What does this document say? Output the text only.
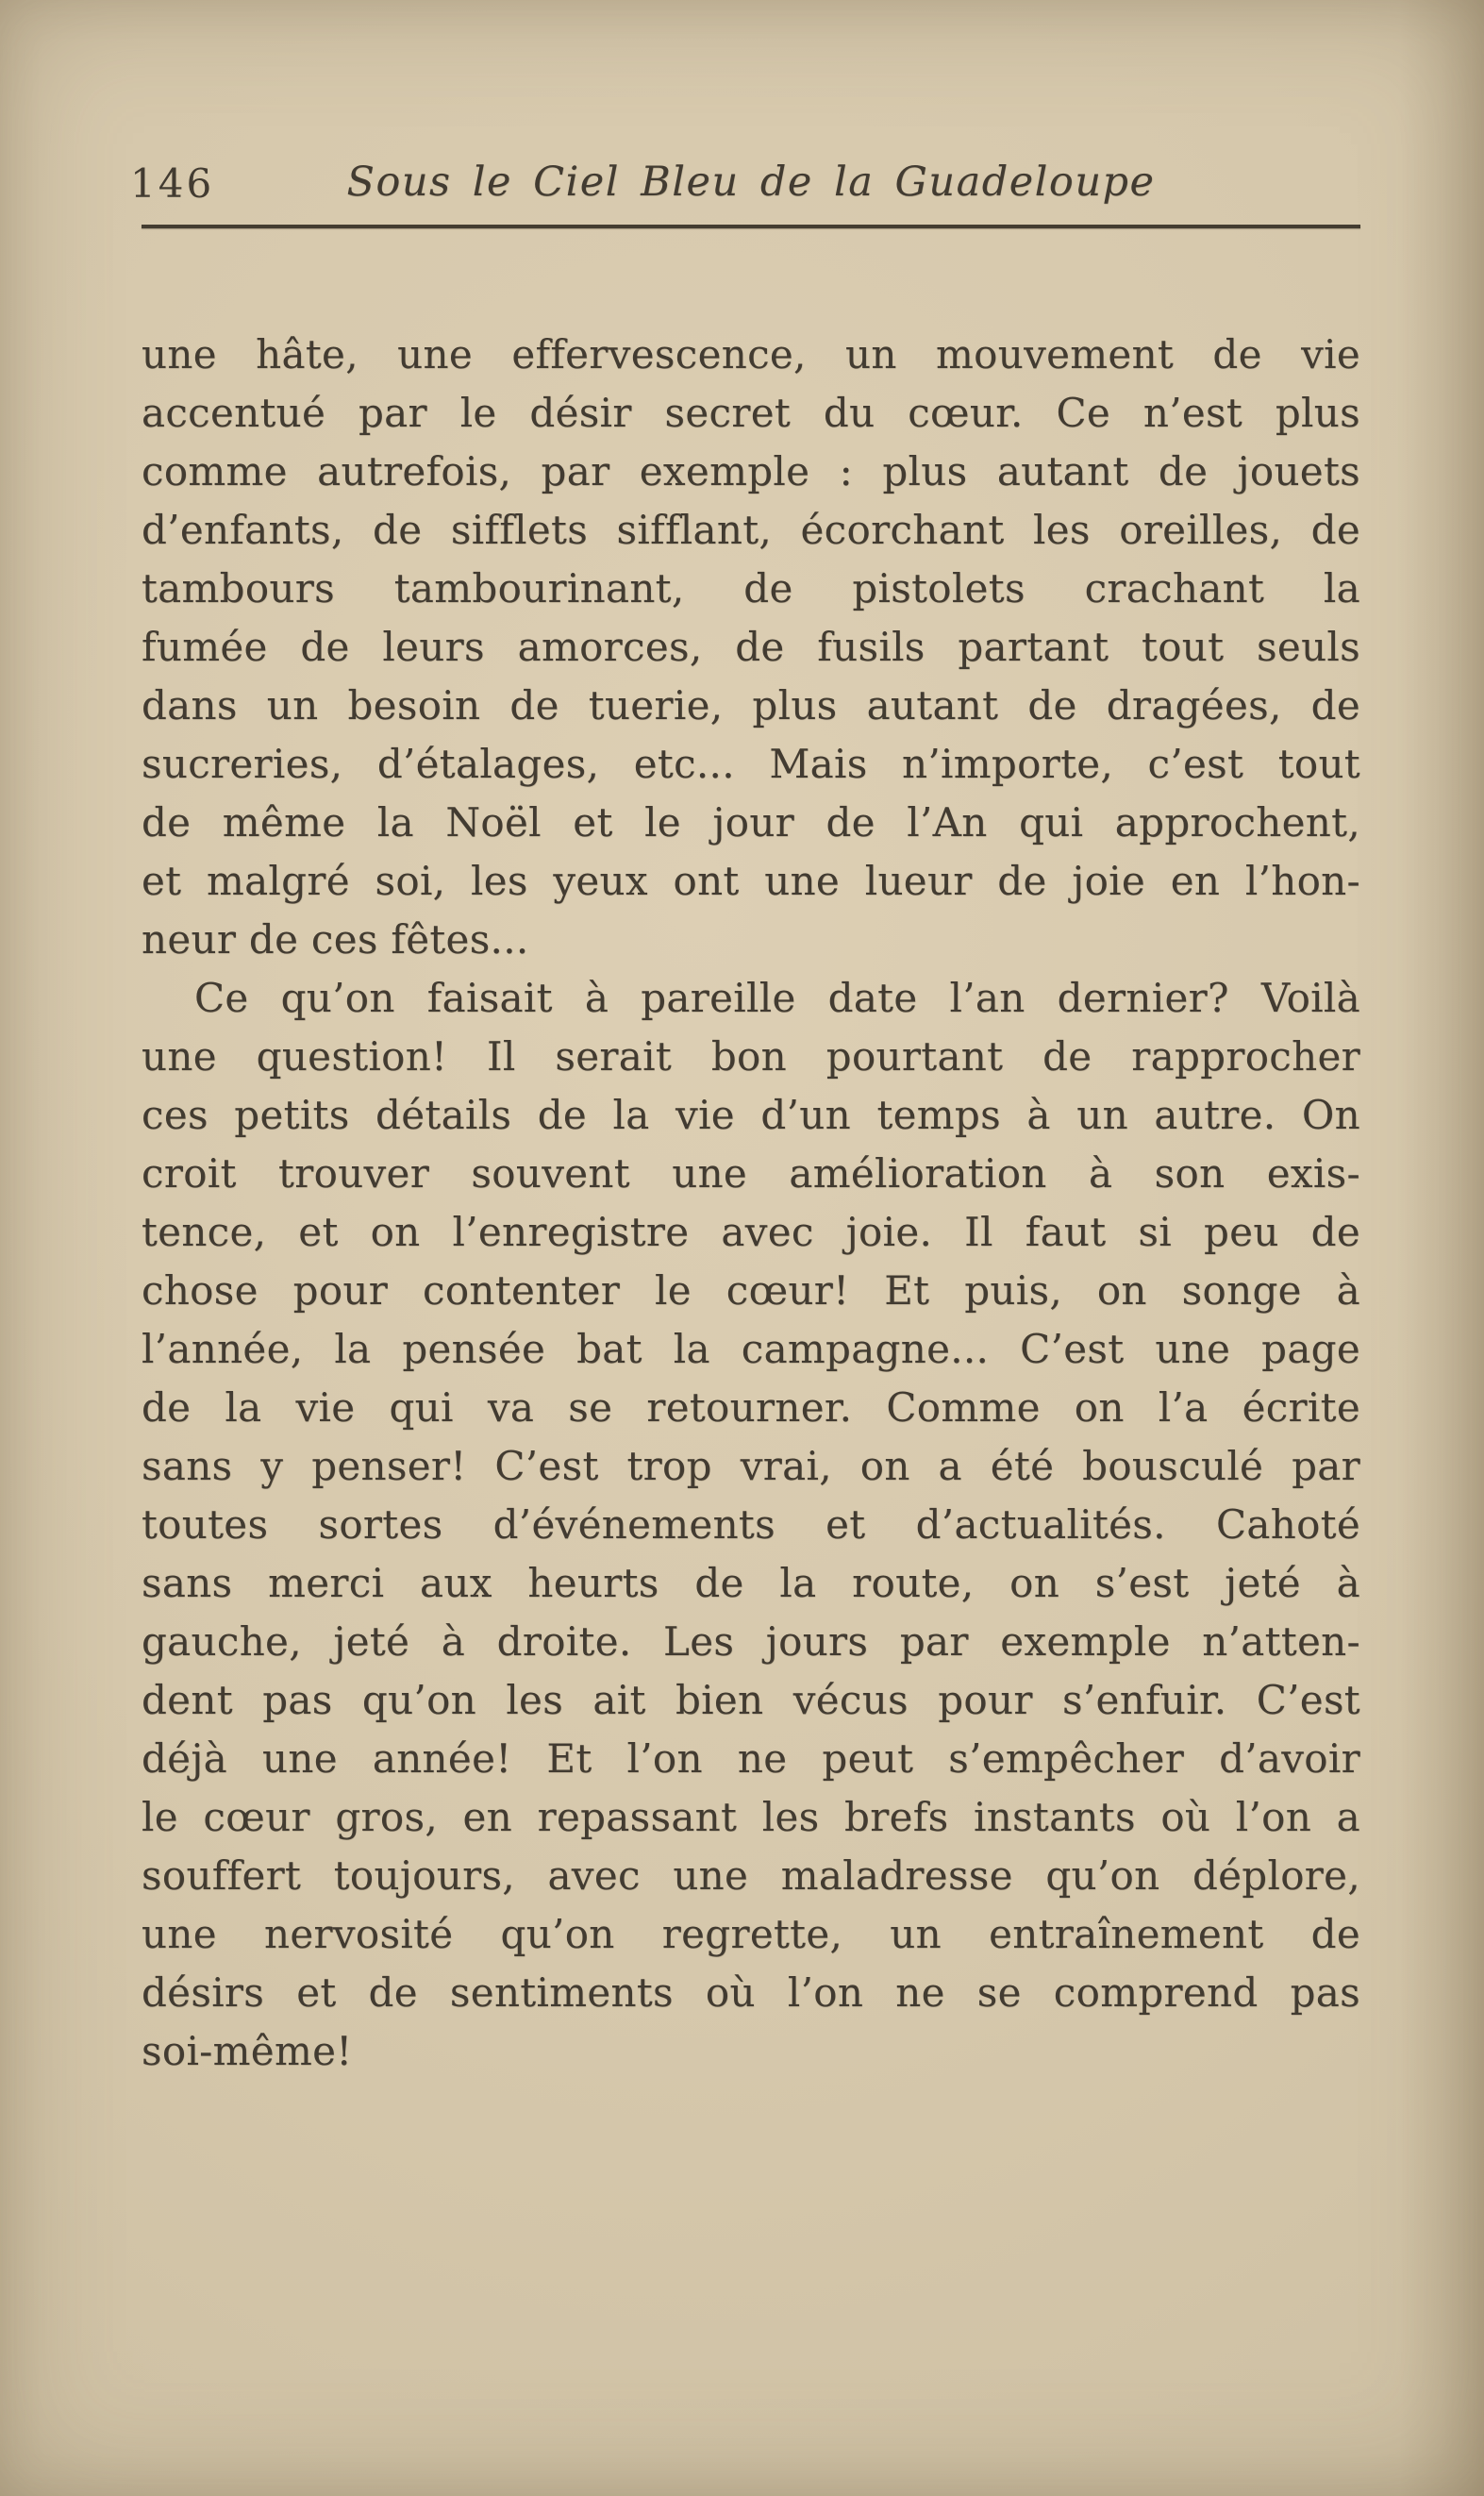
146	Sous le Ciel Bleu de la Guadeloupe
une hâte, une effervescence, un mouvement de vie
accentué par le désir secret du cœur. Ce n’est plus
comme autrefois, par exemple : plus autant de jouets
d’enfants, de sifflets sifflant, écorchant les oreilles, de
tambours tambourinant, de pistolets crachant la
fumée de leurs amorces, de fusils partant tout seuls
dans un besoin de tuerie, plus autant de dragées, de
sucreries, d’étalages, etc... Mais n’importe, c’est tout
de même la Noël et le jour de l’An qui approchent,
et malgré soi, les yeux ont une lueur de joie en l’hon-
neur de ces fêtes...
Ce qu’on faisait à pareille date l’an dernier? Voilà
une question! Il serait bon pourtant de rapprocher
ces petits détails de la vie d’un temps à un autre. On
croit trouver souvent une amélioration à son exis-
tence, et on l’enregistre avec joie. Il faut si peu de
chose pour contenter le cœur! Et puis, on songe à
l’année, la pensée bat la campagne... C’est une page
de la vie qui va se retourner. Comme on l’a écrite
sans y penser! C’est trop vrai, on a été bousculé par
toutes sortes d’événements et d’actualités. Cahoté
sans merci aux heurts de la route, on s’est jeté à
gauche, jeté à droite. Les jours par exemple n’atten-
dent pas qu’on les ait bien vécus pour s’enfuir. C’est
déjà une année! Et l’on ne peut s’empêcher d’avoir
le cœur gros, en repassant les brefs instants où l’on a
souffert toujours, avec une maladresse qu’on déplore,
une nervosité qu’on regrette, un entraînement de
désirs et de sentiments où l’on ne se comprend pas
soi-même!
